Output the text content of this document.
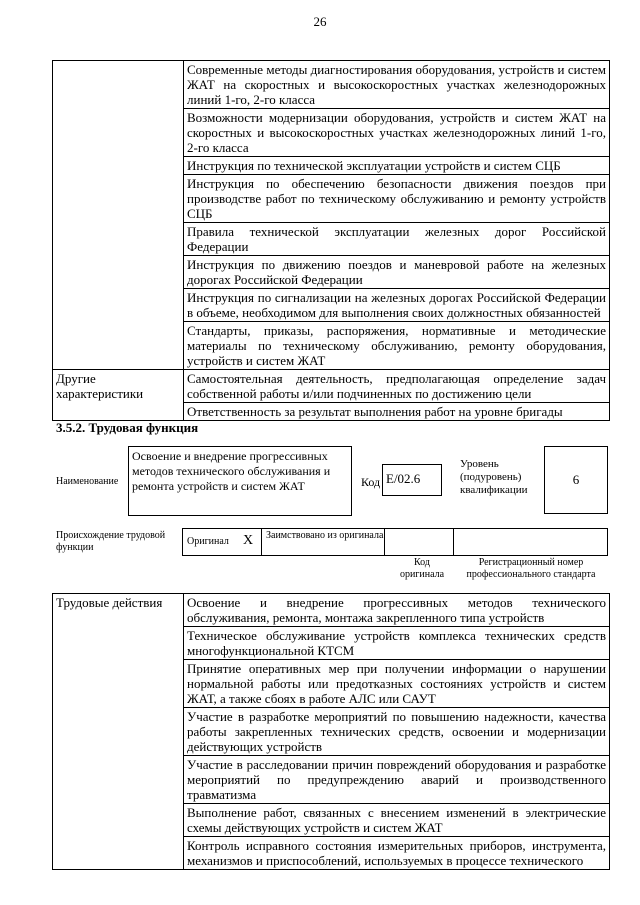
26
	Современные методы диагностирования оборудования, устройств и систем ЖАТ на скоростных и высокоскоростных участках железнодорожных линий 1-го, 2-го класса
	Возможности модернизации оборудования, устройств и систем ЖАТ на скоростных и высокоскоростных участках железнодорожных линий 1-го, 2-го класса
	Инструкция по технической эксплуатации устройств и систем СЦБ
	Инструкция по обеспечению безопасности движения поездов при производстве работ по техническому обслуживанию и ремонту устройств СЦБ
	Правила технической эксплуатации железных дорог Российской Федерации
	Инструкция по движению поездов и маневровой работе на железных дорогах Российской Федерации
	Инструкция по сигнализации на железных дорогах Российской Федерации в объеме, необходимом для выполнения своих должностных обязанностей
	Стандарты, приказы, распоряжения, нормативные и методические материалы по техническому обслуживанию, ремонту оборудования, устройств и систем ЖАТ
Другие характеристики	Самостоятельная деятельность, предполагающая определение задач собственной работы и/или подчиненных по достижению цели
	Ответственность за результат выполнения работ на уровне бригады
3.5.2. Трудовая функция
Наименование
Освоение и внедрение прогрессивных методов технического обслуживания и ремонта устройств и систем ЖАТ	Код E/02.6
Уровень (подуровень) квалификации
6
Происхождение трудовой функции
Оригинал X Заимствовано из оригинала
Код оригинала
Регистрационный номер профессионального стандарта
Трудовые действия	Освоение и внедрение прогрессивных методов технического обслуживания, ремонта, монтажа закрепленного типа устройств
Техническое обслуживание устройств комплекса технических средств многофункциональной КТСМ
Принятие оперативных мер при получении информации о нарушении нормальной работы или предотказных состояниях устройств и систем ЖАТ, а также сбоях в работе АЛС или САУТ
Участие в разработке мероприятий по повышению надежности, качества работы закрепленных технических средств, освоении и модернизации действующих устройств
Участие в расследовании причин повреждений оборудования и разработке мероприятий по предупреждению аварий и производственного травматизма
Выполнение работ, связанных с внесением изменений в электрические схемы действующих устройств и систем ЖАТ
Контроль исправного состояния измерительных приборов, инструмента, механизмов и приспособлений, используемых в процессе технического
